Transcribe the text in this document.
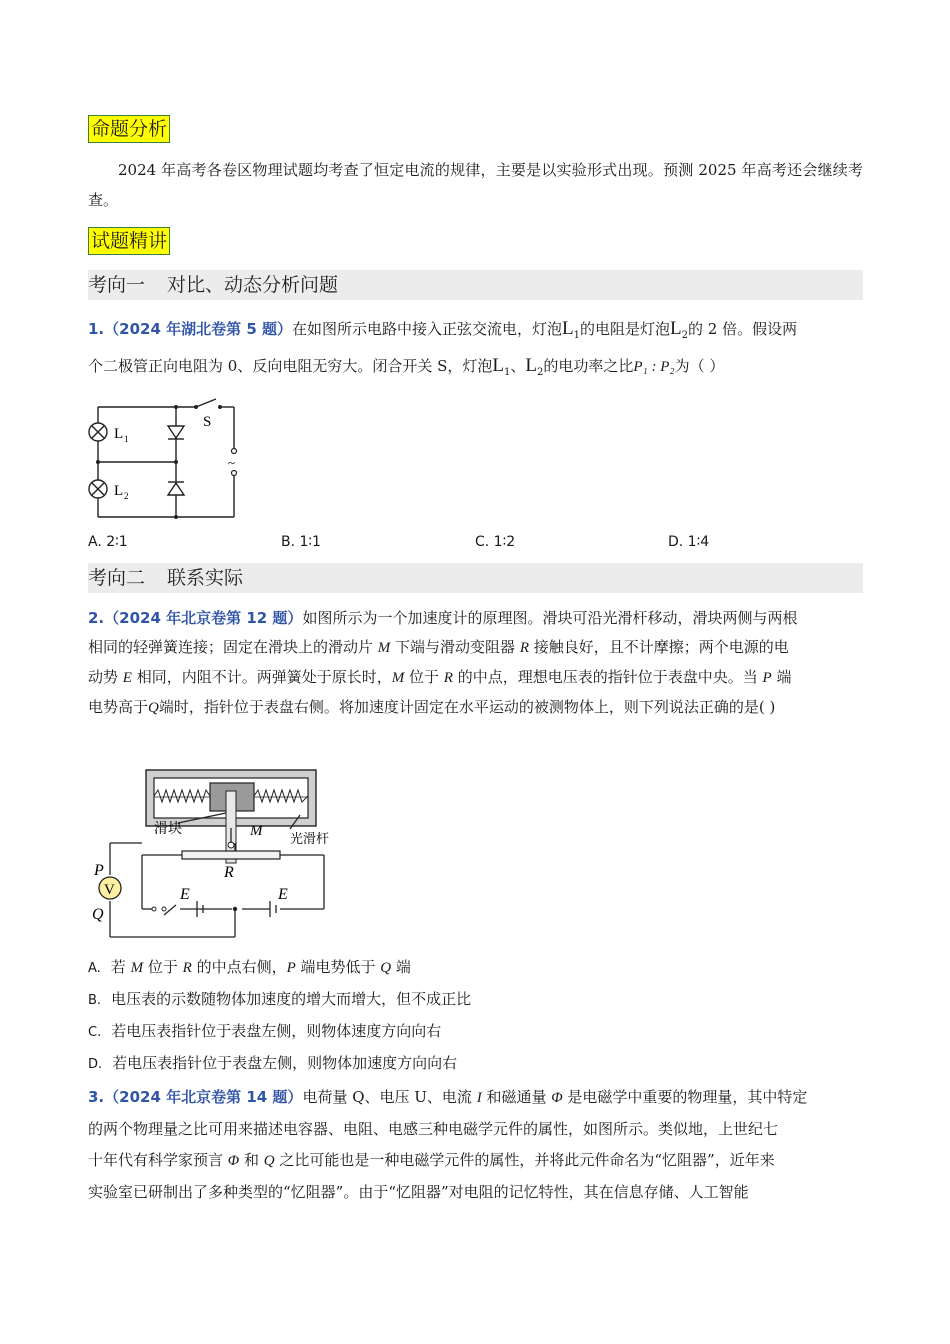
命题分析
2024 年高考各卷区物理试题均考查了恒定电流的规律，主要是以实验形式出现。预测 2025 年高考还会继续考查。
试题精讲
考向一 对比、动态分析问题
1.（2024 年湖北卷第 5 题）在如图所示电路中接入正弦交流电，灯泡$L_1$的电阻是灯泡$L_2$的 2 倍。假设两
个二极管正向电阻为 0、反向电阻无穷大。闭合开关 S，灯泡$L_1$、$L_2$的电功率之比P₁ : P₂为（ ）
L 1
L 2
S
~
A. 2∶1	B. 1∶1	C. 1∶2	D. 1∶4
考向二 联系实际
2.（2024 年北京卷第 12 题）如图所示为一个加速度计的原理图。滑块可沿光滑杆移动，滑块两侧与两根
相同的轻弹簧连接；固定在滑块上的滑动片 M 下端与滑动变阻器 R 接触良好，且不计摩擦；两个电源的电
动势 E 相同，内阻不计。两弹簧处于原长时，M 位于 R 的中点，理想电压表的指针位于表盘中央。当 P 端
电势高于Q端时，指针位于表盘右侧。将加速度计固定在水平运动的被测物体上，则下列说法正确的是( )
V
滑块	M 光滑杆
R
P
Q
E	E
A. 若 M 位于 R 的中点右侧，P 端电势低于 Q 端
B. 电压表的示数随物体加速度的增大而增大，但不成正比
C. 若电压表指针位于表盘左侧，则物体速度方向向右
D. 若电压表指针位于表盘左侧，则物体加速度方向向右
3.（2024 年北京卷第 14 题）电荷量 Q、电压 U、电流 I 和磁通量 Φ 是电磁学中重要的物理量，其中特定
的两个物理量之比可用来描述电容器、电阻、电感三种电磁学元件的属性，如图所示。类似地，上世纪七
十年代有科学家预言 Φ 和 Q 之比可能也是一种电磁学元件的属性，并将此元件命名为“忆阻器”，近年来
实验室已研制出了多种类型的“忆阻器”。由于“忆阻器”对电阻的记忆特性，其在信息存储、人工智能
